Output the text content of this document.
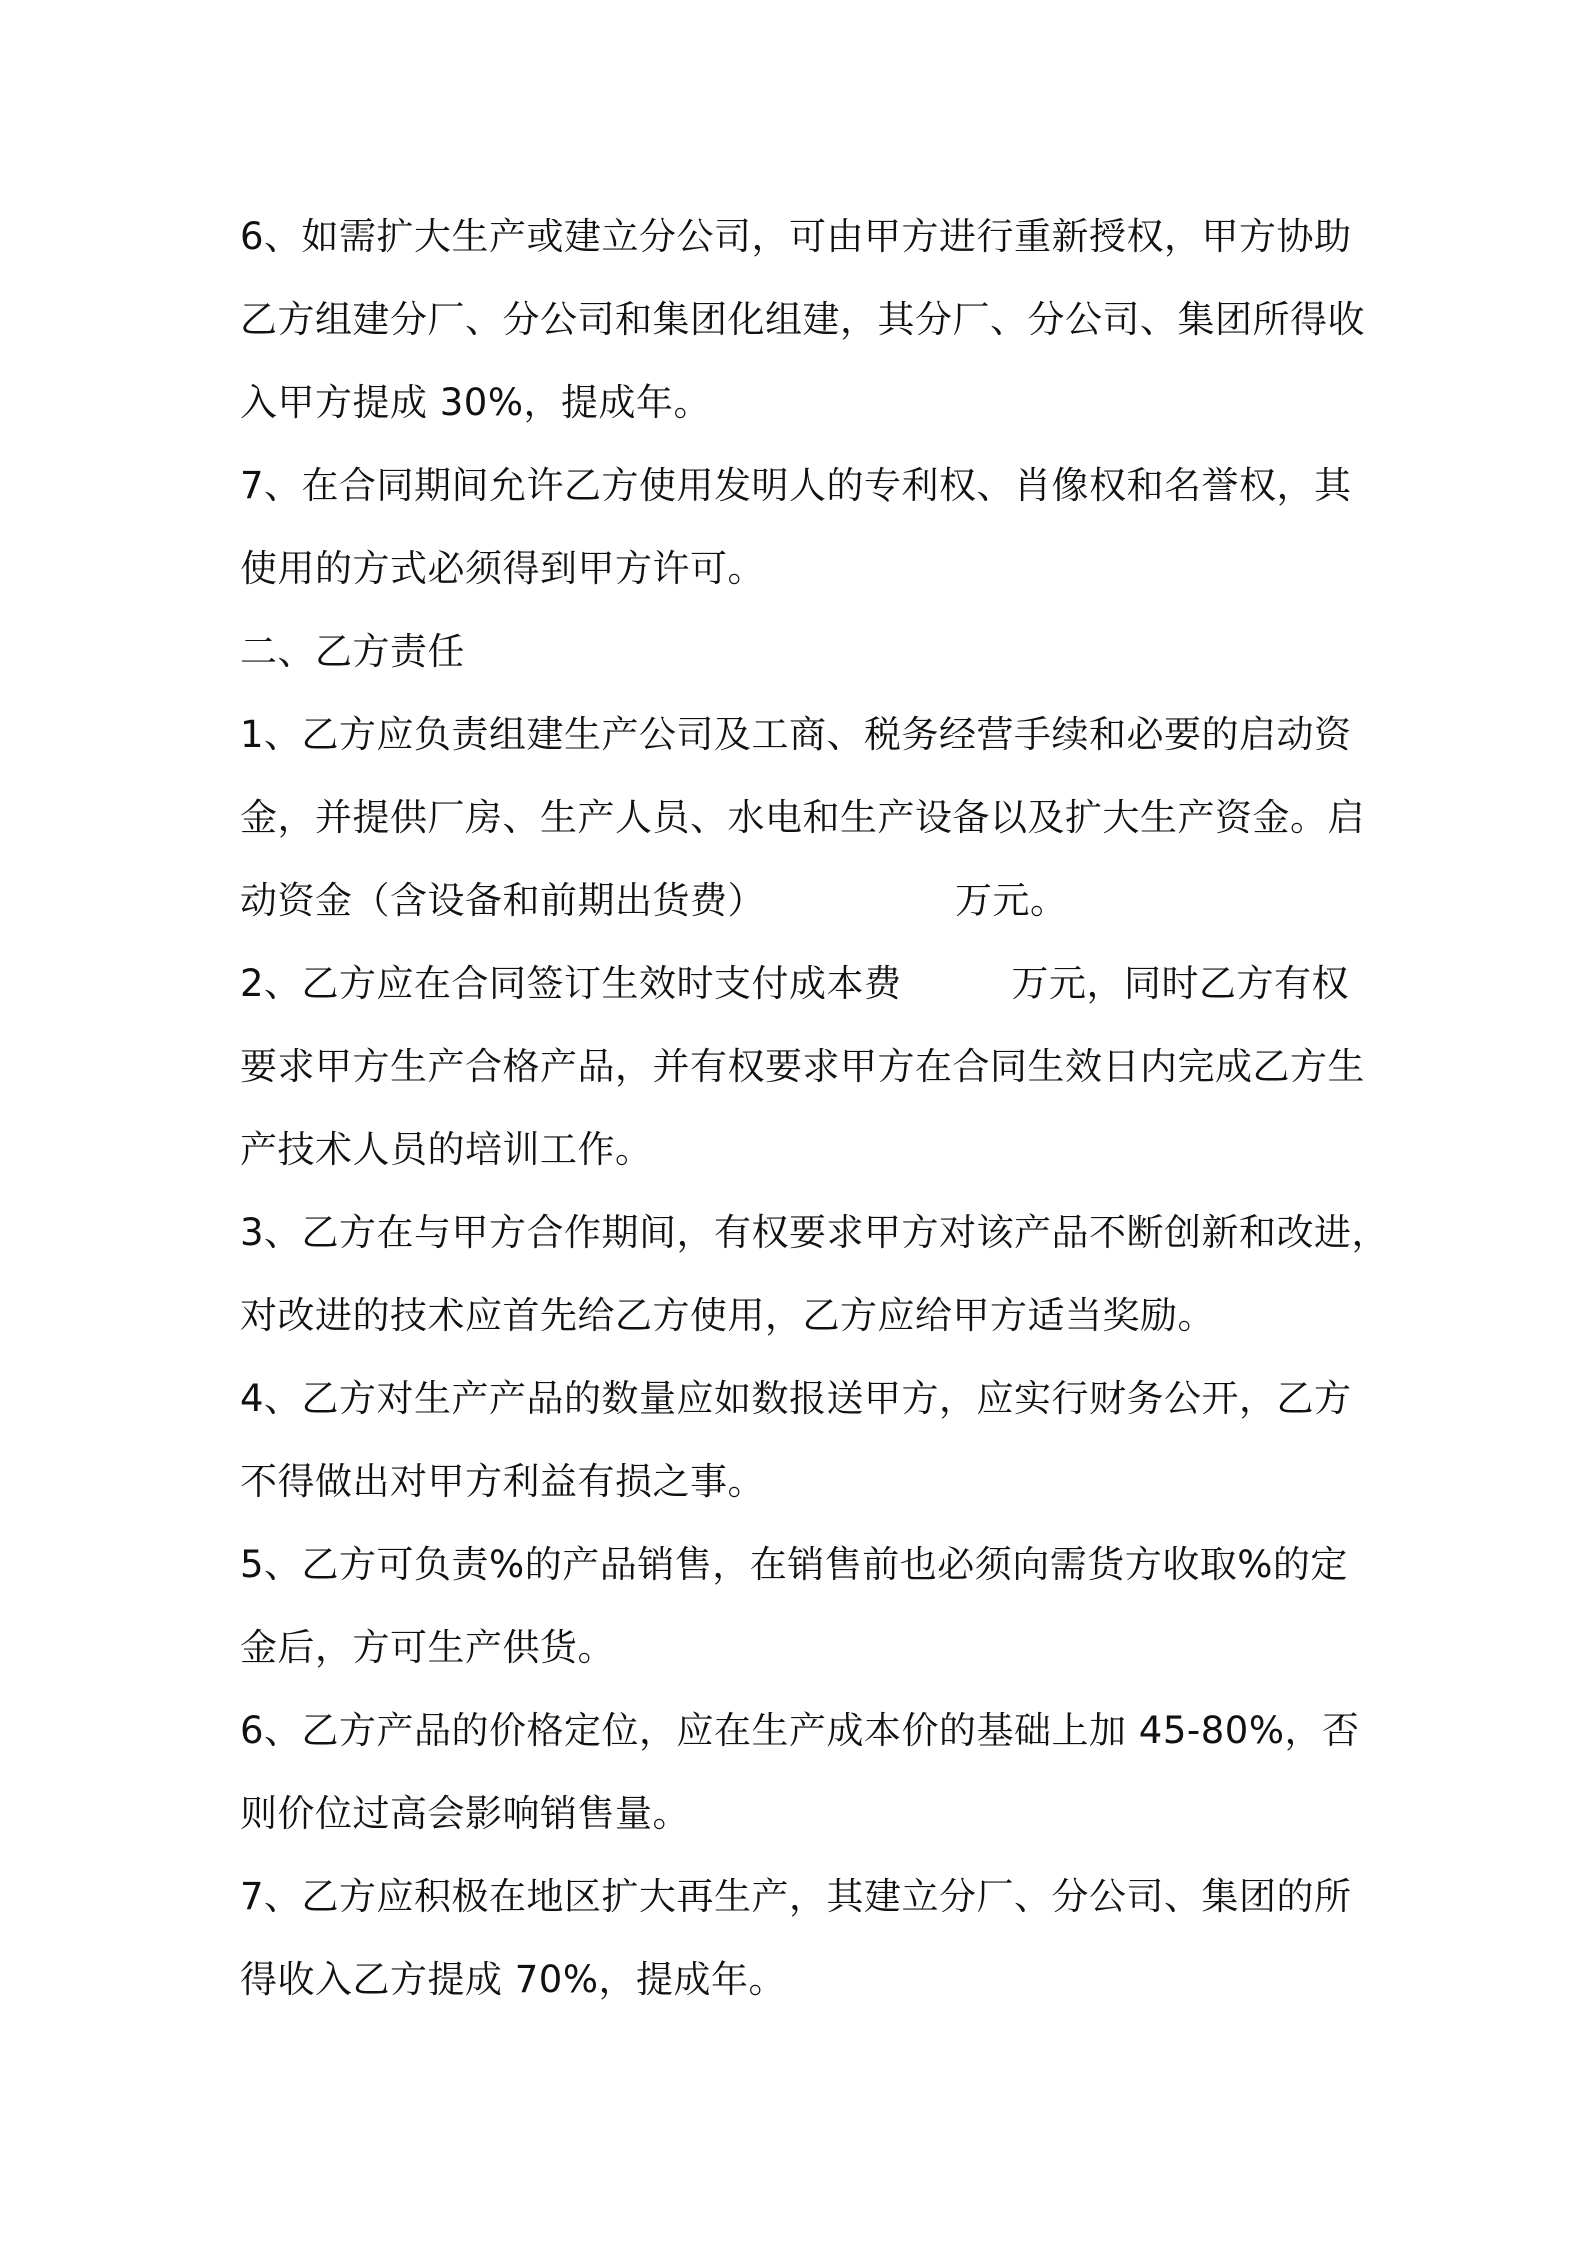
6、如需扩大生产或建立分公司，可由甲方进行重新授权，甲方协助

乙方组建分厂、分公司和集团化组建，其分厂、分公司、集团所得收

入甲方提成 30%，提成年。

7、在合同期间允许乙方使用发明人的专利权、肖像权和名誉权，其

使用的方式必须得到甲方许可。

二、乙方责任

1、乙方应负责组建生产公司及工商、税务经营手续和必要的启动资

金，并提供厂房、生产人员、水电和生产设备以及扩大生产资金。启

动资金（含设备和前期出货费）	万元。

2、乙方应在合同签订生效时支付成本费	万元，同时乙方有权

要求甲方生产合格产品，并有权要求甲方在合同生效日内完成乙方生

产技术人员的培训工作。

3、乙方在与甲方合作期间，有权要求甲方对该产品不断创新和改进，

对改进的技术应首先给乙方使用，乙方应给甲方适当奖励。

4、乙方对生产产品的数量应如数报送甲方，应实行财务公开，乙方

不得做出对甲方利益有损之事。

5、乙方可负责%的产品销售，在销售前也必须向需货方收取%的定

金后，方可生产供货。

6、乙方产品的价格定位，应在生产成本价的基础上加 45-80%，否

则价位过高会影响销售量。

7、乙方应积极在地区扩大再生产，其建立分厂、分公司、集团的所

得收入乙方提成 70%，提成年。
